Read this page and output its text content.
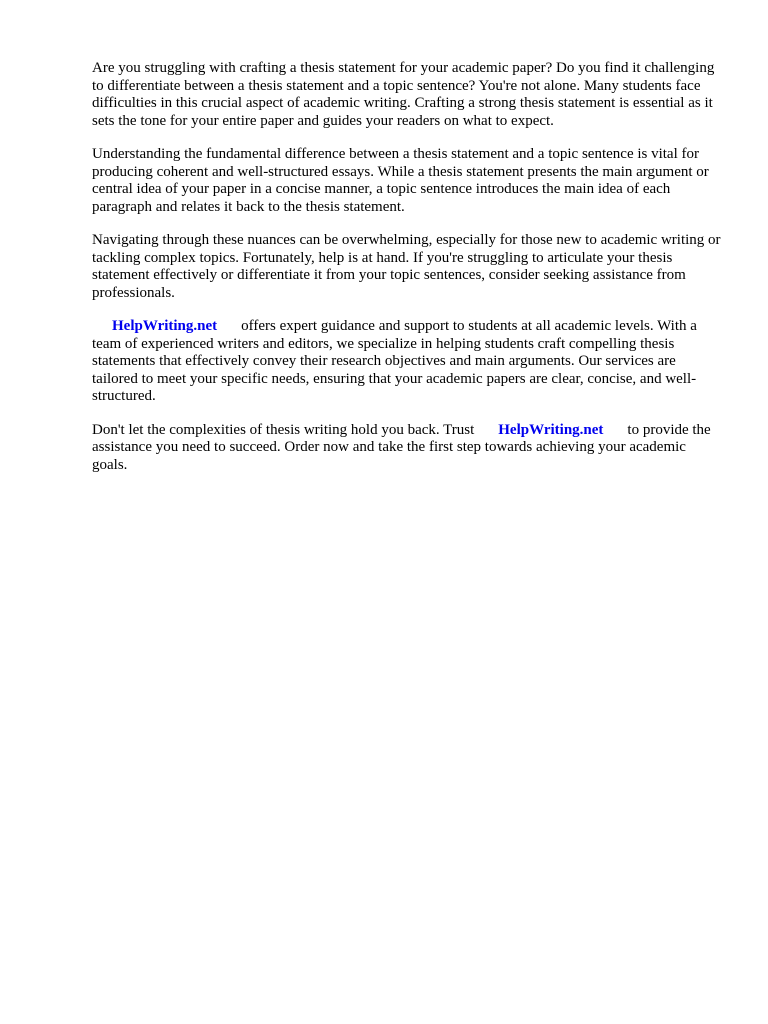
Are you struggling with crafting a thesis statement for your academic paper? Do you find it challenging to differentiate between a thesis statement and a topic sentence? You're not alone. Many students face difficulties in this crucial aspect of academic writing. Crafting a strong thesis statement is essential as it sets the tone for your entire paper and guides your readers on what to expect.

Understanding the fundamental difference between a thesis statement and a topic sentence is vital for producing coherent and well-structured essays. While a thesis statement presents the main argument or central idea of your paper in a concise manner, a topic sentence introduces the main idea of each paragraph and relates it back to the thesis statement.

Navigating through these nuances can be overwhelming, especially for those new to academic writing or tackling complex topics. Fortunately, help is at hand. If you're struggling to articulate your thesis statement effectively or differentiate it from your topic sentences, consider seeking assistance from professionals.

HelpWriting.net offers expert guidance and support to students at all academic levels. With a team of experienced writers and editors, we specialize in helping students craft compelling thesis statements that effectively convey their research objectives and main arguments. Our services are tailored to meet your specific needs, ensuring that your academic papers are clear, concise, and well-structured.

Don't let the complexities of thesis writing hold you back. Trust HelpWriting.net to provide the assistance you need to succeed. Order now and take the first step towards achieving your academic goals.
